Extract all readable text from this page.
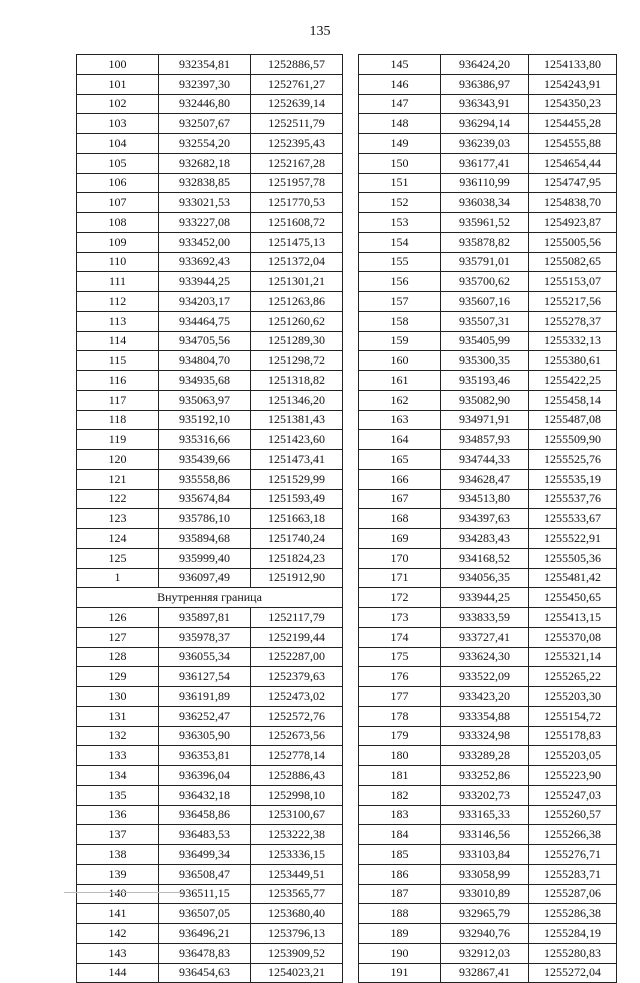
135
100	932354,81	1252886,57
101	932397,30	1252761,27
102	932446,80	1252639,14
103	932507,67	1252511,79
104	932554,20	1252395,43
105	932682,18	1252167,28
106	932838,85	1251957,78
107	933021,53	1251770,53
108	933227,08	1251608,72
109	933452,00	1251475,13
110	933692,43	1251372,04
111	933944,25	1251301,21
112	934203,17	1251263,86
113	934464,75	1251260,62
114	934705,56	1251289,30
115	934804,70	1251298,72
116	934935,68	1251318,82
117	935063,97	1251346,20
118	935192,10	1251381,43
119	935316,66	1251423,60
120	935439,66	1251473,41
121	935558,86	1251529,99
122	935674,84	1251593,49
123	935786,10	1251663,18
124	935894,68	1251740,24
125	935999,40	1251824,23
1	936097,49	1251912,90
Внутренняя граница		
126	935897,81	1252117,79
127	935978,37	1252199,44
128	936055,34	1252287,00
129	936127,54	1252379,63
130	936191,89	1252473,02
131	936252,47	1252572,76
132	936305,90	1252673,56
133	936353,81	1252778,14
134	936396,04	1252886,43
135	936432,18	1252998,10
136	936458,86	1253100,67
137	936483,53	1253222,38
138	936499,34	1253336,15
139	936508,47	1253449,51
140	936511,15	1253565,77
141	936507,05	1253680,40
142	936496,21	1253796,13
143	936478,83	1253909,52
144	936454,63	1254023,21
145	936424,20	1254133,80
146	936386,97	1254243,91
147	936343,91	1254350,23
148	936294,14	1254455,28
149	936239,03	1254555,88
150	936177,41	1254654,44
151	936110,99	1254747,95
152	936038,34	1254838,70
153	935961,52	1254923,87
154	935878,82	1255005,56
155	935791,01	1255082,65
156	935700,62	1255153,07
157	935607,16	1255217,56
158	935507,31	1255278,37
159	935405,99	1255332,13
160	935300,35	1255380,61
161	935193,46	1255422,25
162	935082,90	1255458,14
163	934971,91	1255487,08
164	934857,93	1255509,90
165	934744,33	1255525,76
166	934628,47	1255535,19
167	934513,80	1255537,76
168	934397,63	1255533,67
169	934283,43	1255522,91
170	934168,52	1255505,36
171	934056,35	1255481,42
172	933944,25	1255450,65
173	933833,59	1255413,15
174	933727,41	1255370,08
175	933624,30	1255321,14
176	933522,09	1255265,22
177	933423,20	1255203,30
178	933354,88	1255154,72
179	933324,98	1255178,83
180	933289,28	1255203,05
181	933252,86	1255223,90
182	933202,73	1255247,03
183	933165,33	1255260,57
184	933146,56	1255266,38
185	933103,84	1255276,71
186	933058,99	1255283,71
187	933010,89	1255287,06
188	932965,79	1255286,38
189	932940,76	1255284,19
190	932912,03	1255280,83
191	932867,41	1255272,04
